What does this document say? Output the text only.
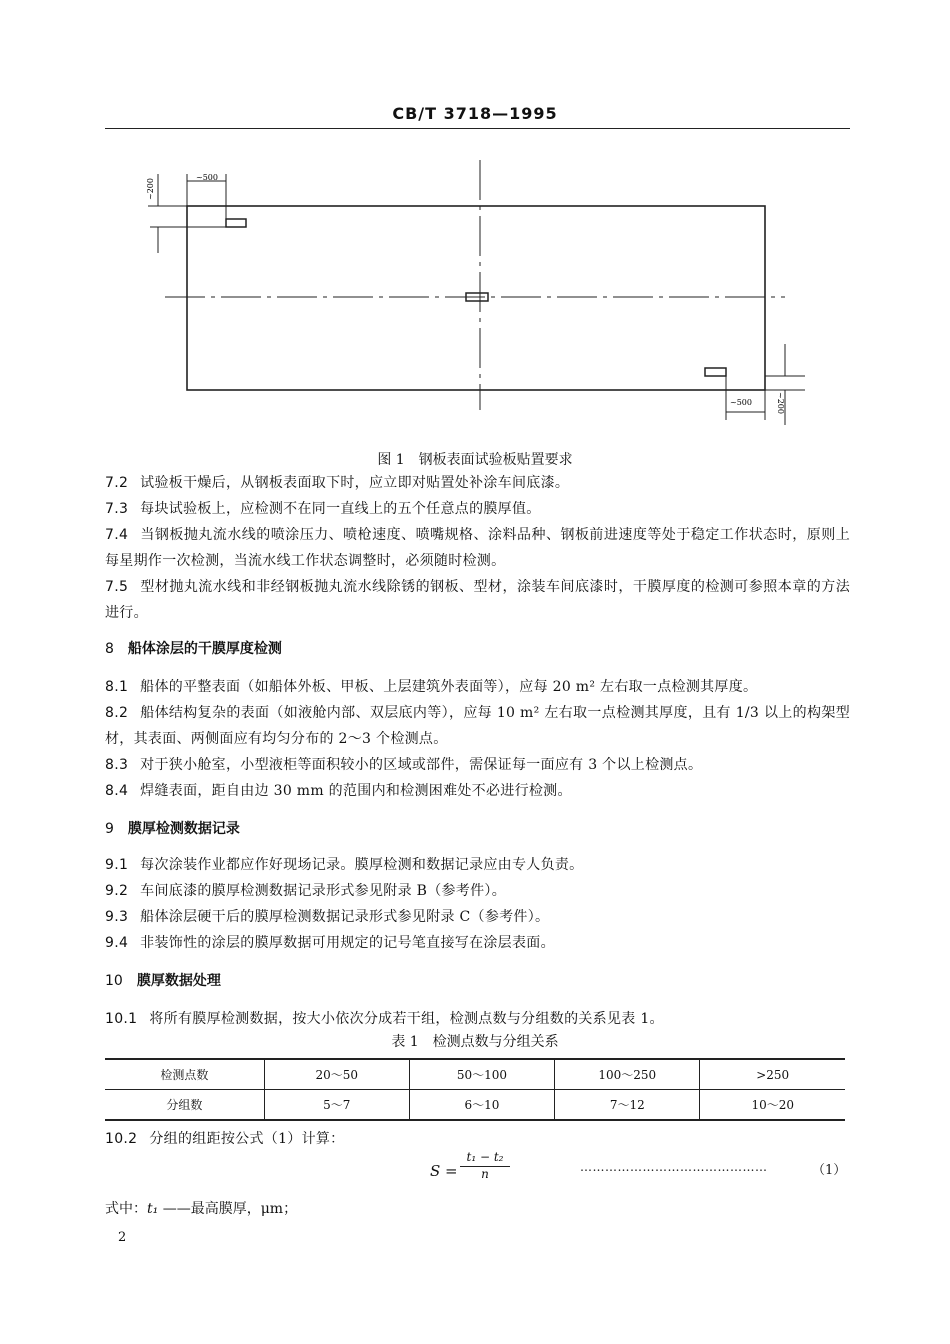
CB/T 3718—1995
~500
~500
~200
~200
图 1　钢板表面试验板贴置要求
7.2 试验板干燥后，从钢板表面取下时，应立即对贴置处补涂车间底漆。
7.3 每块试验板上，应检测不在同一直线上的五个任意点的膜厚值。
7.4 当钢板抛丸流水线的喷涂压力、喷枪速度、喷嘴规格、涂料品种、钢板前进速度等处于稳定工作状态时，原则上每星期作一次检测，当流水线工作状态调整时，必须随时检测。
7.5 型材抛丸流水线和非经钢板抛丸流水线除锈的钢板、型材，涂装车间底漆时，干膜厚度的检测可参照本章的方法进行。
8 船体涂层的干膜厚度检测
8.1 船体的平整表面（如船体外板、甲板、上层建筑外表面等），应每 20 m² 左右取一点检测其厚度。
8.2 船体结构复杂的表面（如液舱内部、双层底内等），应每 10 m² 左右取一点检测其厚度，且有 1/3 以上的构架型材，其表面、两侧面应有均匀分布的 2～3 个检测点。
8.3 对于狭小舱室，小型液柜等面积较小的区域或部件，需保证每一面应有 3 个以上检测点。
8.4 焊缝表面，距自由边 30 mm 的范围内和检测困难处不必进行检测。
9 膜厚检测数据记录
9.1 每次涂装作业都应作好现场记录。膜厚检测和数据记录应由专人负责。
9.2 车间底漆的膜厚检测数据记录形式参见附录 B（参考件）。
9.3 船体涂层硬干后的膜厚检测数据记录形式参见附录 C（参考件）。
9.4 非装饰性的涂层的膜厚数据可用规定的记号笔直接写在涂层表面。
10 膜厚数据处理
10.1 将所有膜厚检测数据，按大小依次分成若干组，检测点数与分组数的关系见表 1。
表 1　检测点数与分组关系
检测点数	20～50	50～100	100～250	>250
分组数	5～7	6～10	7～12	10～20
10.2 分组的组距按公式（1）计算：
$S = \frac{\text{t₁ − t₂}}{n}$	………………………………………	（1）
式中：t₁ ——最高膜厚，μm；
2
